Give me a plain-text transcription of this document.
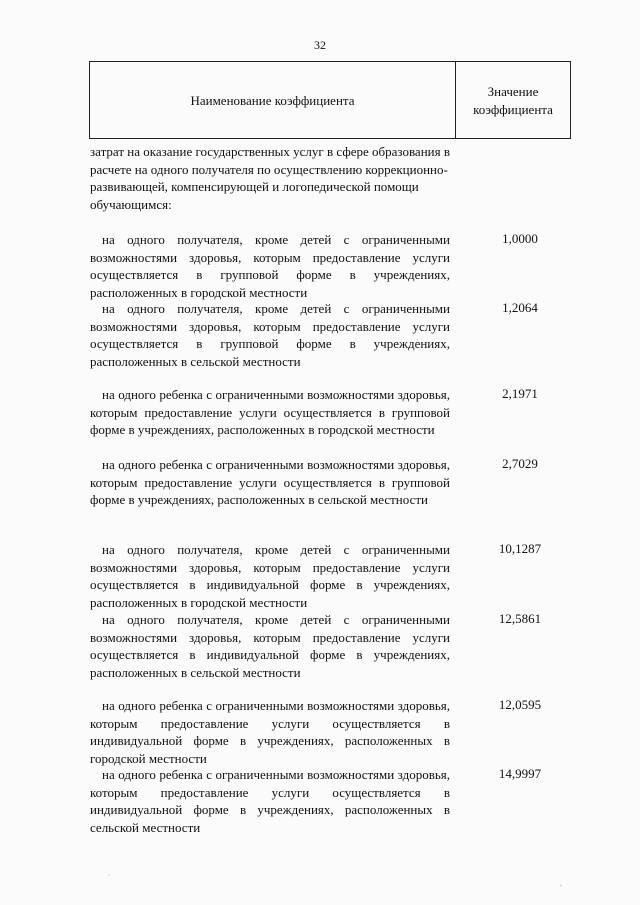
32
Наименование коэффициента
Значение
коэффициента
затрат на оказание государственных услуг в сфере образования в расчете на одного получателя по осуществлению коррекционно-развивающей, компенсирующей и логопедической помощи обучающимся:
на одного получателя, кроме детей с ограниченными возможностями здоровья, которым предоставление услуги осуществляется в групповой форме в учреждениях, расположенных в городской местности
1,0000
на одного получателя, кроме детей с ограниченными возможностями здоровья, которым предоставление услуги осуществляется в групповой форме в учреждениях, расположенных в сельской местности
1,2064
на одного ребенка с ограниченными возможностями здоровья, которым предоставление услуги осуществляется в групповой форме в учреждениях, расположенных в городской местности
2,1971
на одного ребенка с ограниченными возможностями здоровья, которым предоставление услуги осуществляется в групповой форме в учреждениях, расположенных в сельской местности
2,7029
на одного получателя, кроме детей с ограниченными возможностями здоровья, которым предоставление услуги осуществляется в индивидуальной форме в учреждениях, расположенных в городской местности
10,1287
на одного получателя, кроме детей с ограниченными возможностями здоровья, которым предоставление услуги осуществляется в индивидуальной форме в учреждениях, расположенных в сельской местности
12,5861
на одного ребенка с ограниченными возможностями здоровья, которым предоставление услуги осуществляется в индивидуальной форме в учреждениях, расположенных в городской местности
12,0595
на одного ребенка с ограниченными возможностями здоровья, которым предоставление услуги осуществляется в индивидуальной форме в учреждениях, расположенных в сельской местности
14,9997
